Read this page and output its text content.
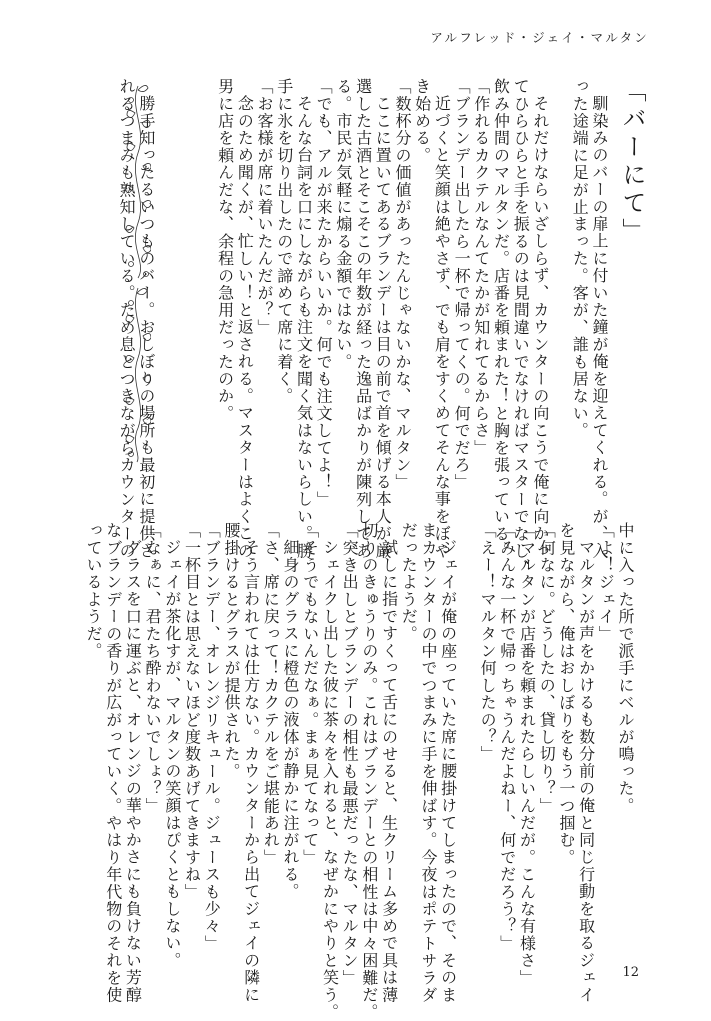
アルフレッド・ジェイ・マルタン
「バーにて」
馴染みのバーの扉上に付いた鐘が俺を迎えてくれる。が、入
った途端に足が止まった。客が、誰も居ない。

それだけならいざしらず、カウンターの向こうで俺に向かっ
てひらひらと手を振るのは見間違いでなければマスターでなし、
飲み仲間のマルタンだ。店番を頼まれた！と胸を張っている。
「作れるカクテルなんてたかが知れてるからさ」
「ブランデー出したら一杯で帰ってくの。何でだろ」
近づくと笑顔は絶やさず、でも肩をすくめてそんな事をぼや
き始める。
「数杯分の価値があったんじゃないかな、マルタン」
ここに置いてあるブランデーは目の前で首を傾げる本人が厳
選した古酒とそこそこの年数が経った逸品ばかりが陳列してあ
る。市民が気軽に煽る金額ではない。
「でも、アルが来たからいいか。何でも注文してよ！」
そんな台詞を口にしながらも注文を聞く気はないらしい。勝
手に氷を切り出したので諦めて席に着く。
「お客様が席に着いたんだが？」
念のため聞くが、忙しい！と返される。マスターはよくこの
男に店を頼んだな、余程の急用だったのか。

勝手知ったるいつものバー。おしぼりの場所も最初に提供さ
れるつまみも熟知している。ため息とつきながらカウンターの
中に入った所で派手にベルが鳴った。
「よ！ジェイ」
マルタンが声をかけるも数分前の俺と同じ行動を取るジェイ
を見ながら、俺はおしぼりをもう一つ掴む。
「何なに。どうしたの、貸し切り？」
「マルタンが店番を頼まれたらしいんだが。こんな有様さ」
「みんな一杯で帰っちゃうんだよねー、何でだろう？」
「えー！マルタン何したの？」

ジェイが俺の座っていた席に腰掛けてしまったので、そのま
まカウンターの中でつまみに手を伸ばす。今夜はポテトサラダ
だったようだ。
試しに指ですくって舌にのせると、生クリーム多めで具は薄
切りのきゅうりのみ。これはブランデーとの相性は中々困難だ。
「突き出しとブランデーの相性も最悪だったな、マルタン」
シェイクし出した彼に茶々を入れると、なぜかにやりと笑う。
「そうでもないんだなぁ。まぁ見てなって」
細身のグラスに橙色の液体が静かに注がれる。
「さ、席に戻って！カクテルをご堪能あれ」
そう言われては仕方ない。カウンターから出てジェイの隣に
腰掛けるとグラスが提供された。
「ブランデー、オレンジリキュール。ジュースも少々」
「一杯目とは思えないほど度数あげてきますね」
ジェイが茶化すが、マルタンの笑顔はぴくともしない。
「なぁに、君たち酔わないでしょ？」
グラスを口に運ぶと、オレンジの華やかさにも負けない芳醇
なブランデーの香りが広がっていく。やはり年代物のそれを使
っているようだ。
12
